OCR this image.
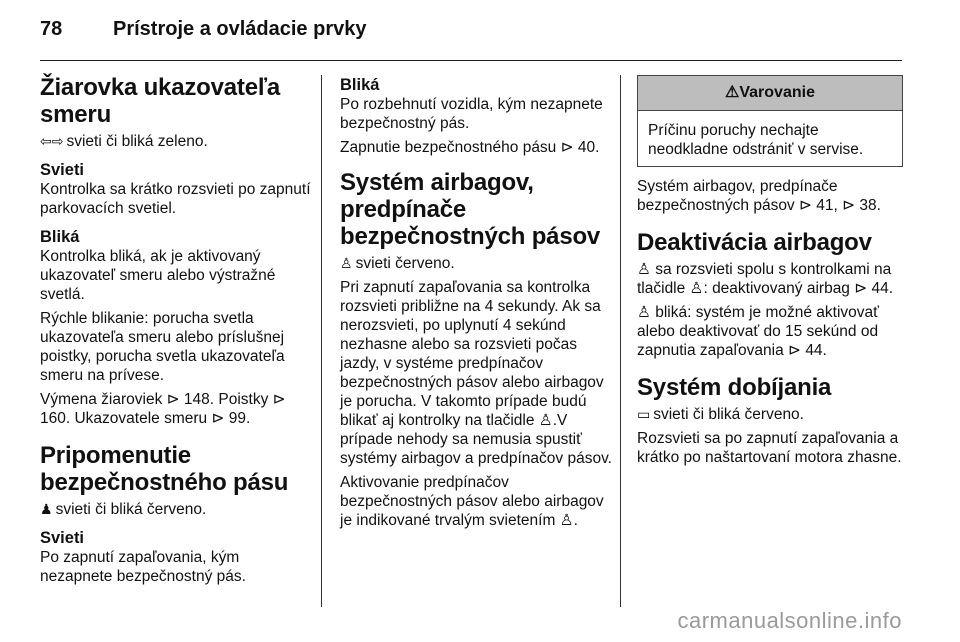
78	Prístroje a ovládacie prvky
Žiarovka ukazovateľa smeru

⇦⇨ svieti či bliká zeleno.

Svieti

Kontrolka sa krátko rozsvieti po zapnutí parkovacích svetiel.

Bliká

Kontrolka bliká, ak je aktivovaný ukazovateľ smeru alebo výstražné svetlá.

Rýchle blikanie: porucha svetla ukazovateľa smeru alebo príslušnej poistky, porucha svetla ukazovateľa smeru na prívese.

Výmena žiaroviek ⊳ 148. Poistky ⊳ 160. Ukazovatele smeru ⊳ 99.

Pripomenutie bezpečnostného pásu

♟ svieti či bliká červeno.

Svieti

Po zapnutí zapaľovania, kým nezapnete bezpečnostný pás.

Bliká

Po rozbehnutí vozidla, kým nezapnete bezpečnostný pás.

Zapnutie bezpečnostného pásu ⊳ 40.

Systém airbagov, predpínače bezpečnostných pásov

♙ svieti červeno.

Pri zapnutí zapaľovania sa kontrolka rozsvieti približne na 4 sekundy. Ak sa nerozsvieti, po uplynutí 4 sekúnd nezhasne alebo sa rozsvieti počas jazdy, v systéme predpínačov bezpečnostných pásov alebo airbagov je porucha. V takomto prípade budú blikať aj kontrolky na tlačidle ♙.V prípade nehody sa nemusia spustiť systémy airbagov a predpínačov pásov.

Aktivovanie predpínačov bezpečnostných pásov alebo airbagov je indikované trvalým svietením ♙.

⚠Varovanie
Príčinu poruchy nechajte neodkladne odstrániť v servise.

Systém airbagov, predpínače bezpečnostných pásov ⊳ 41, ⊳ 38.

Deaktivácia airbagov

♙ sa rozsvieti spolu s kontrolkami na tlačidle ♙: deaktivovaný airbag ⊳ 44.

♙ bliká: systém je možné aktivovať alebo deaktivovať do 15 sekúnd od zapnutia zapaľovania ⊳ 44.

Systém dobíjania

▭ svieti či bliká červeno.

Rozsvieti sa po zapnutí zapaľovania a krátko po naštartovaní motora zhasne.

carmanualsonline.info
